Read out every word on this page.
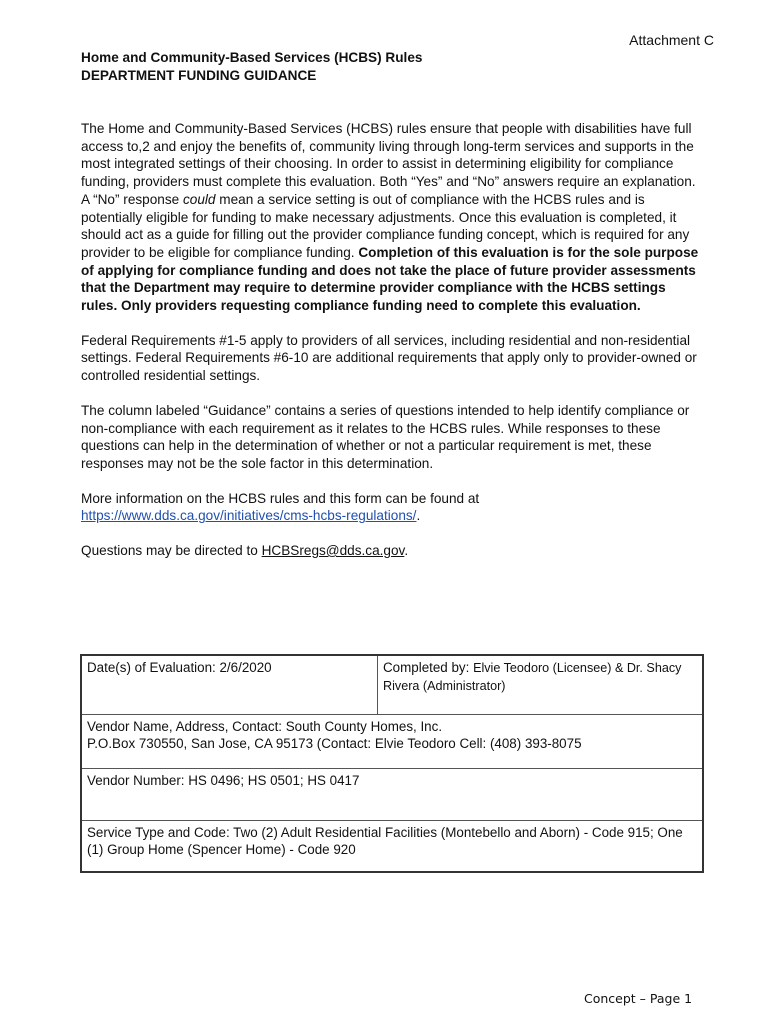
Attachment C
Home and Community-Based Services (HCBS) Rules
DEPARTMENT FUNDING GUIDANCE

The Home and Community-Based Services (HCBS) rules ensure that people with disabilities have full access to,2 and enjoy the benefits of, community living through long-term services and supports in the most integrated settings of their choosing. In order to assist in determining eligibility for compliance funding, providers must complete this evaluation. Both “Yes” and “No” answers require an explanation. A “No” response could mean a service setting is out of compliance with the HCBS rules and is potentially eligible for funding to make necessary adjustments. Once this evaluation is completed, it should act as a guide for filling out the provider compliance funding concept, which is required for any provider to be eligible for compliance funding. Completion of this evaluation is for the sole purpose of applying for compliance funding and does not take the place of future provider assessments that the Department may require to determine provider compliance with the HCBS settings rules. Only providers requesting compliance funding need to complete this evaluation.

Federal Requirements #1-5 apply to providers of all services, including residential and non-residential settings. Federal Requirements #6-10 are additional requirements that apply only to provider-owned or controlled residential settings.

The column labeled “Guidance” contains a series of questions intended to help identify compliance or non-compliance with each requirement as it relates to the HCBS rules. While responses to these questions can help in the determination of whether or not a particular requirement is met, these responses may not be the sole factor in this determination.

More information on the HCBS rules and this form can be found at
https://www.dds.ca.gov/initiatives/cms-hcbs-regulations/.

Questions may be directed to HCBSregs@dds.ca.gov.

Date(s) of Evaluation: 2/6/2020	Completed by: Elvie Teodoro (Licensee) & Dr. Shacy Rivera (Administrator)
Vendor Name, Address, Contact: South County Homes, Inc.
P.O.Box 730550, San Jose, CA 95173 (Contact: Elvie Teodoro Cell: (408) 393-8075
Vendor Number: HS 0496; HS 0501; HS 0417
Service Type and Code: Two (2) Adult Residential Facilities (Montebello and Aborn) - Code 915; One (1) Group Home (Spencer Home) - Code 920
Concept – Page 1
